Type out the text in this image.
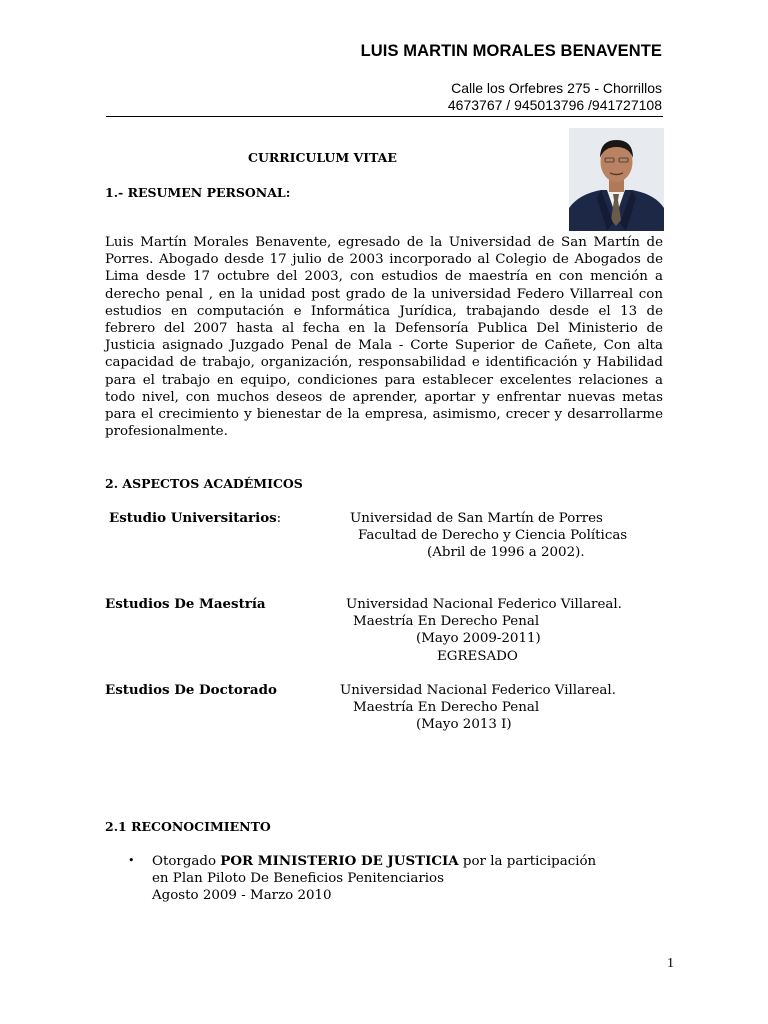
LUIS MARTIN MORALES BENAVENTE
Calle los Orfebres 275 - Chorrillos
4673767 / 945013796 /941727108
CURRICULUM VITAE
1.- RESUMEN PERSONAL:
Luis Martín Morales Benavente, egresado de la Universidad de San Martín de Porres. Abogado desde 17 julio de 2003 incorporado al Colegio de Abogados de Lima desde 17 octubre del 2003, con estudios de maestría en con mención a derecho penal , en la unidad post grado de la universidad Federo Villarreal con estudios en computación e Informática Jurídica, trabajando desde el 13 de febrero del 2007 hasta al fecha en la Defensoría Publica Del Ministerio de Justicia asignado Juzgado Penal de Mala - Corte Superior de Cañete, Con alta capacidad de trabajo, organización, responsabilidad e identificación y Habilidad para el trabajo en equipo, condiciones para establecer excelentes relaciones a todo nivel, con muchos deseos de aprender, aportar y enfrentar nuevas metas para el crecimiento y bienestar de la empresa, asimismo, crecer y desarrollarme profesionalmente.
2. ASPECTOS ACADÉMICOS
Estudio Universitarios:	Universidad de San Martín de Porres
Facultad de Derecho y Ciencia Políticas
(Abril de 1996 a 2002).
Estudios De Maestría	Universidad Nacional Federico Villareal.
Maestría En Derecho Penal
(Mayo 2009-2011)
EGRESADO
Estudios De Doctorado	Universidad Nacional Federico Villareal.
Maestría En Derecho Penal
(Mayo 2013 I)
2.1 RECONOCIMIENTO
• Otorgado POR MINISTERIO DE JUSTICIA por la participación
en Plan Piloto De Beneficios Penitenciarios
Agosto 2009 - Marzo 2010
1
